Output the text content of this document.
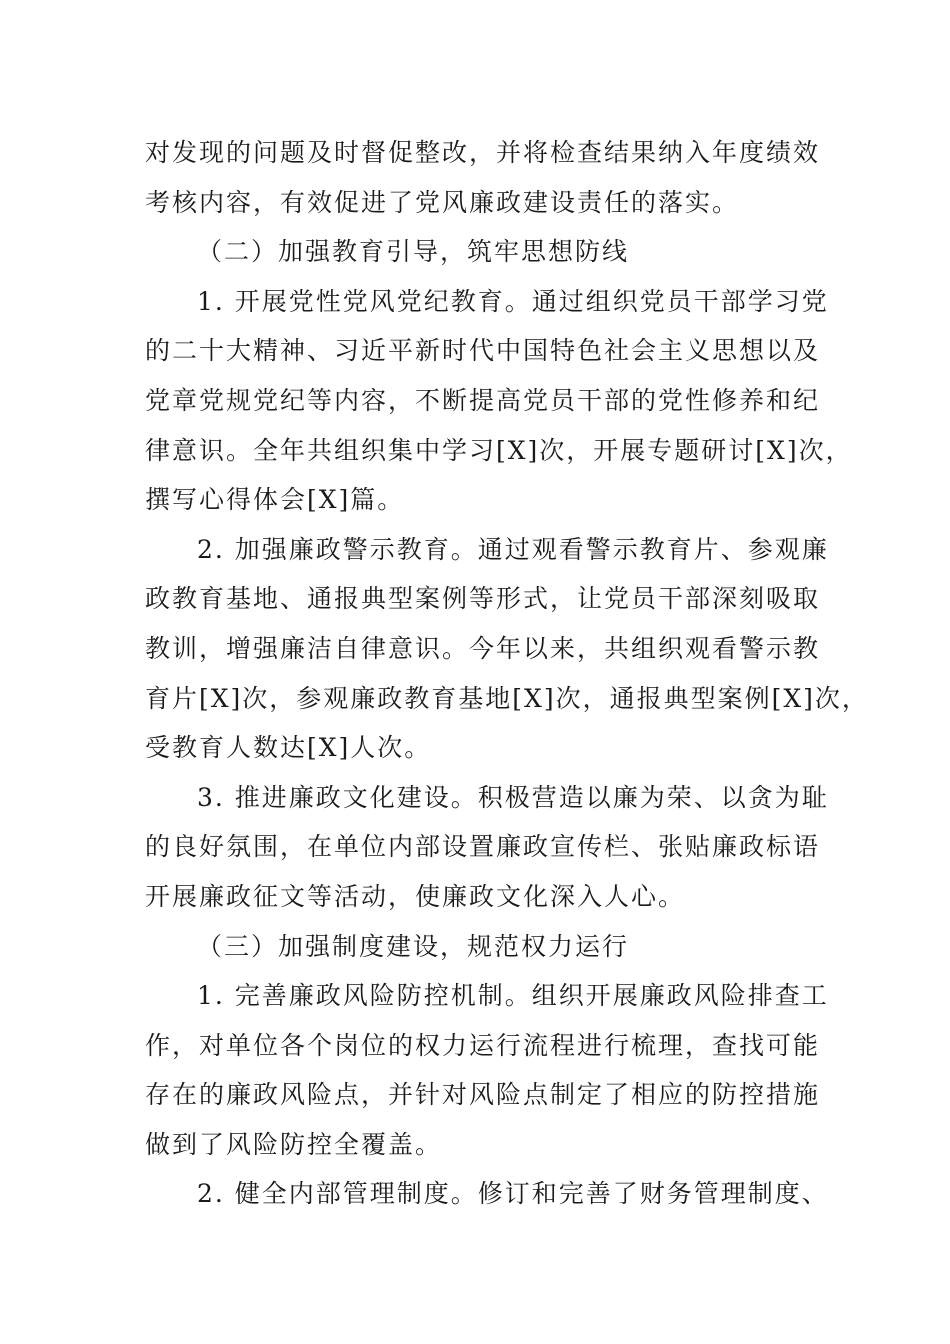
对发现的问题及时督促整改，并将检查结果纳入年度绩效
考核内容，有效促进了党风廉政建设责任的落实。
（二）加强教育引导，筑牢思想防线
1. 开展党性党风党纪教育。通过组织党员干部学习党
的二十大精神、习近平新时代中国特色社会主义思想以及
党章党规党纪等内容，不断提高党员干部的党性修养和纪
律意识。全年共组织集中学习[X]次，开展专题研讨[X]次，
撰写心得体会[X]篇。
2. 加强廉政警示教育。通过观看警示教育片、参观廉
政教育基地、通报典型案例等形式，让党员干部深刻吸取
教训，增强廉洁自律意识。今年以来，共组织观看警示教
育片[X]次，参观廉政教育基地[X]次，通报典型案例[X]次，
受教育人数达[X]人次。
3. 推进廉政文化建设。积极营造以廉为荣、以贪为耻
的良好氛围，在单位内部设置廉政宣传栏、张贴廉政标语
开展廉政征文等活动，使廉政文化深入人心。
（三）加强制度建设，规范权力运行
1. 完善廉政风险防控机制。组织开展廉政风险排查工
作，对单位各个岗位的权力运行流程进行梳理，查找可能
存在的廉政风险点，并针对风险点制定了相应的防控措施
做到了风险防控全覆盖。
2. 健全内部管理制度。修订和完善了财务管理制度、
